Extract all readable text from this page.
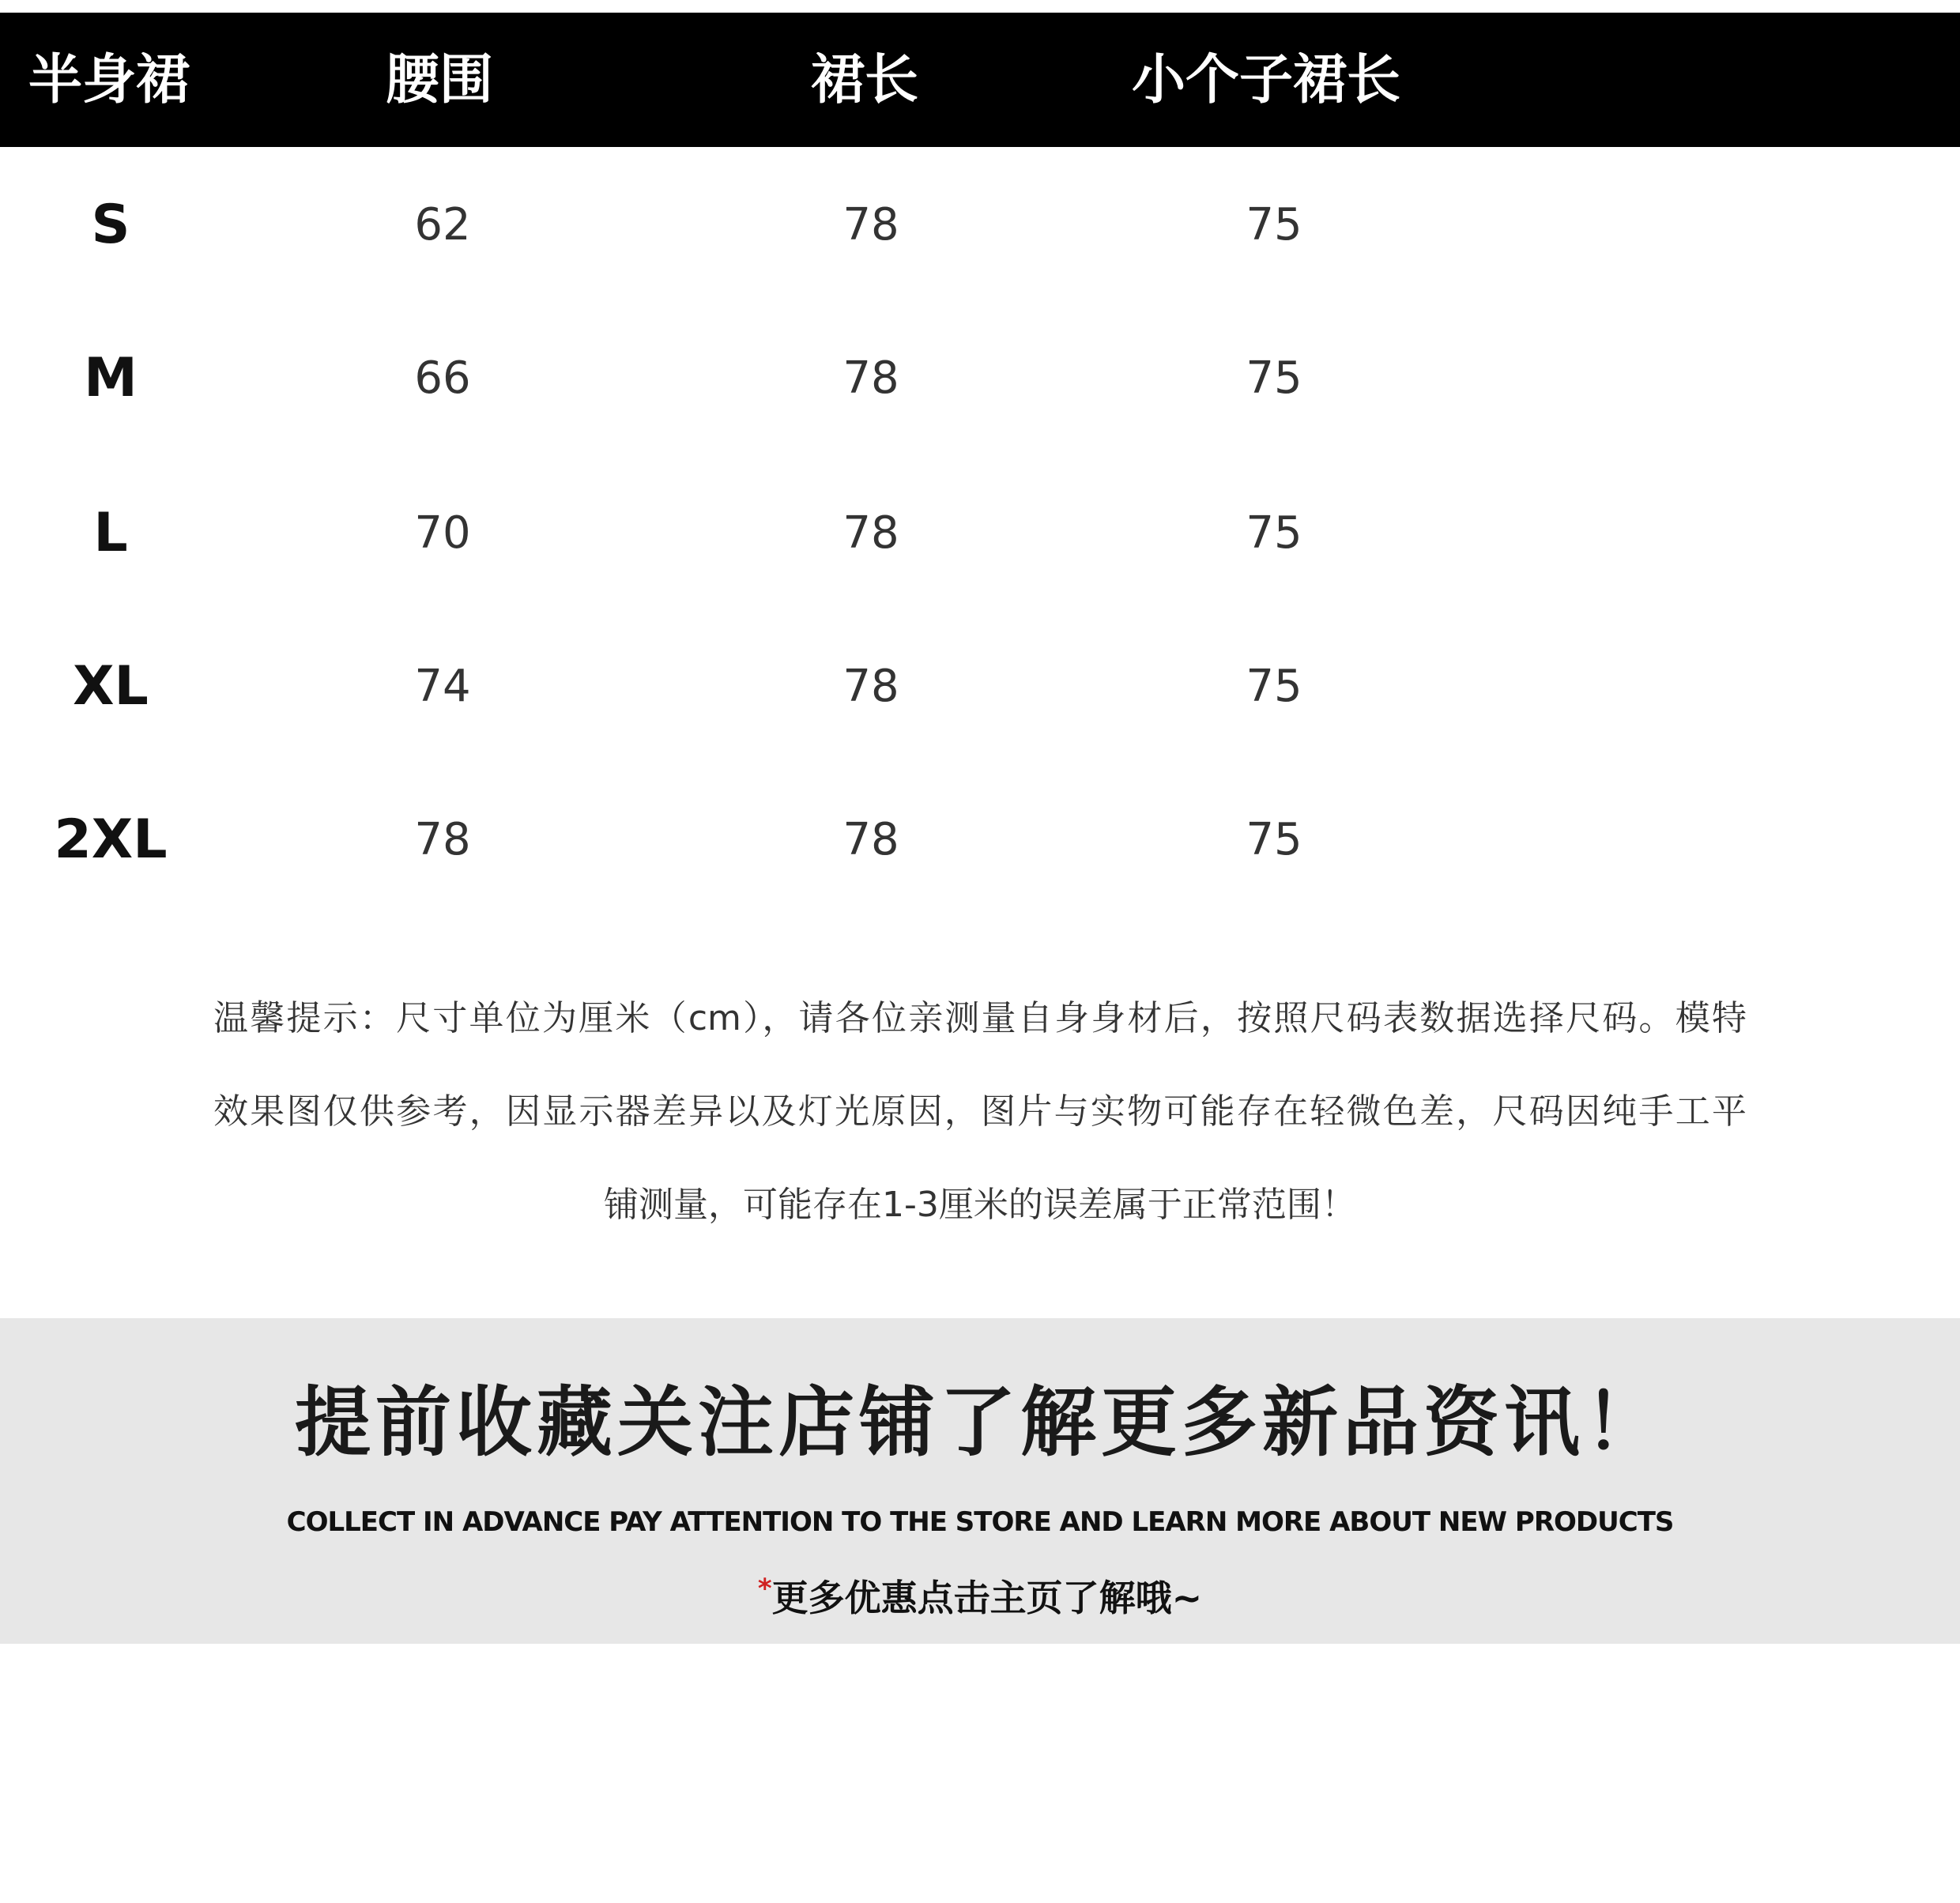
半身裙	腰围	裙长	小个子裙长
S	62	78	75
M	66	78	75
L	70	78	75
XL	74	78	75
2XL	78	78	75
温馨提示：尺寸单位为厘米（cm），请各位亲测量自身身材后，按照尺码表数据选择尺码。模特
效果图仅供参考，因显示器差异以及灯光原因，图片与实物可能存在轻微色差，尺码因纯手工平
铺测量，可能存在1-3厘米的误差属于正常范围！
提前收藏关注店铺了解更多新品资讯！
COLLECT IN ADVANCE PAY ATTENTION TO THE STORE AND LEARN MORE ABOUT NEW PRODUCTS
*更多优惠点击主页了解哦~
